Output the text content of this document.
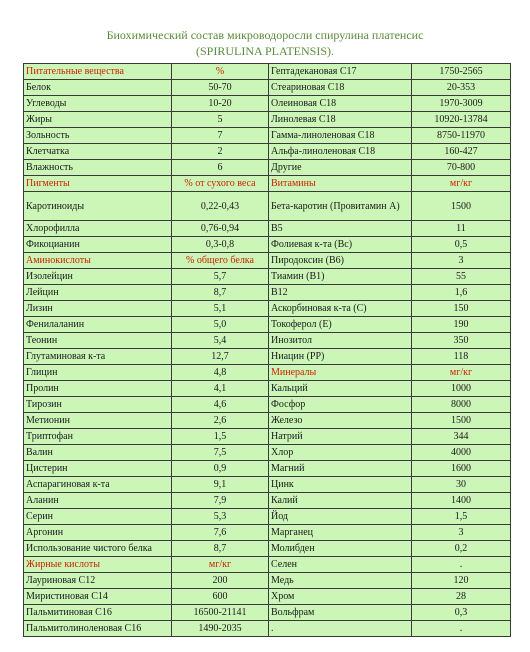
Биохимический состав микроводоросли спирулина платенсис
(SPIRULINA PLATENSIS).
Питательные вещества	%	Гептадекановая С17	1750-2565
Белок	50-70	Стеариновая С18	20-353
Углеводы	10-20	Олеиновая С18	1970-3009
Жиры	5	Линолевая С18	10920-13784
Зольность	7	Гамма-линоленовая С18	8750-11970
Клетчатка	2	Альфа-линоленовая С18	160-427
Влажность	6	Другие	70-800
Пигменты	% от сухого веса	Витамины	мг/кг
Каротиноиды	0,22-0,43	Бета-каротин (Провитамин А)	1500
Хлорофилла	0,76-0,94	В5	11
Фикоцианин	0,3-0,8	Фолиевая к-та (Вс)	0,5
Аминокислоты	% общего белка	Пиродоксин (В6)	3
Изолейцин	5,7	Тиамин (В1)	55
Лейцин	8,7	В12	1,6
Лизин	5,1	Аскорбиновая к-та (С)	150
Фенилаланин	5,0	Токоферол (Е)	190
Теонин	5,4	Инозитол	350
Глутаминовая к-та	12,7	Ниацин (РР)	118
Глицин	4,8	Минералы	мг/кг
Пролин	4,1	Кальций	1000
Тирозин	4,6	Фосфор	8000
Метионин	2,6	Железо	1500
Триптофан	1,5	Натрий	344
Валин	7,5	Хлор	4000
Цистерин	0,9	Магний	1600
Аспарагиновая к-та	9,1	Цинк	30
Аланин	7,9	Калий	1400
Серин	5,3	Йод	1,5
Аргонин	7,6	Марганец	3
Использование чистого белка	8,7	Молибден	0,2
Жирные кислоты	мг/кг	Селен	.
Лауриновая С12	200	Медь	120
Миристиновая С14	600	Хром	28
Пальмитиновая С16	16500-21141	Вольфрам	0,3
Пальмитолиноленовая С16	1490-2035	.	.
